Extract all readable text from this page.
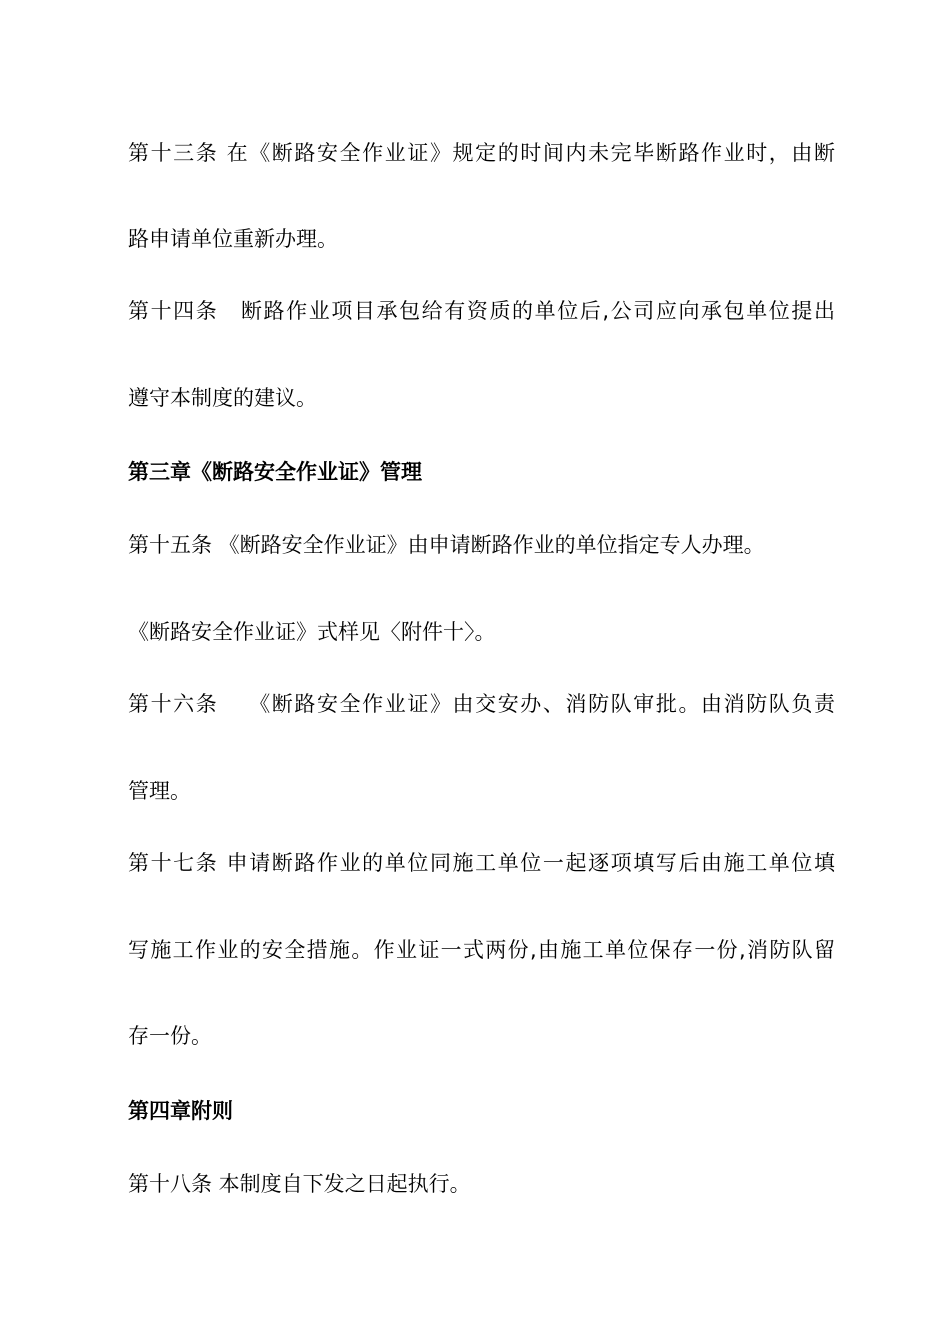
第十三条 在《断路安全作业证》规定的时间内未完毕断路作业时，由断

路申请单位重新办理。

第十四条　断路作业项目承包给有资质的单位后,公司应向承包单位提出

遵守本制度的建议。

第三章《断路安全作业证》管理

第十五条 《断路安全作业证》由申请断路作业的单位指定专人办理。

《断路安全作业证》式样见〈附件十〉。

第十六条　 《断路安全作业证》由交安办、消防队审批。由消防队负责

管理。

第十七条 申请断路作业的单位同施工单位一起逐项填写后由施工单位填

写施工作业的安全措施。作业证一式两份,由施工单位保存一份,消防队留

存一份。

第四章附则

第十八条 本制度自下发之日起执行。
